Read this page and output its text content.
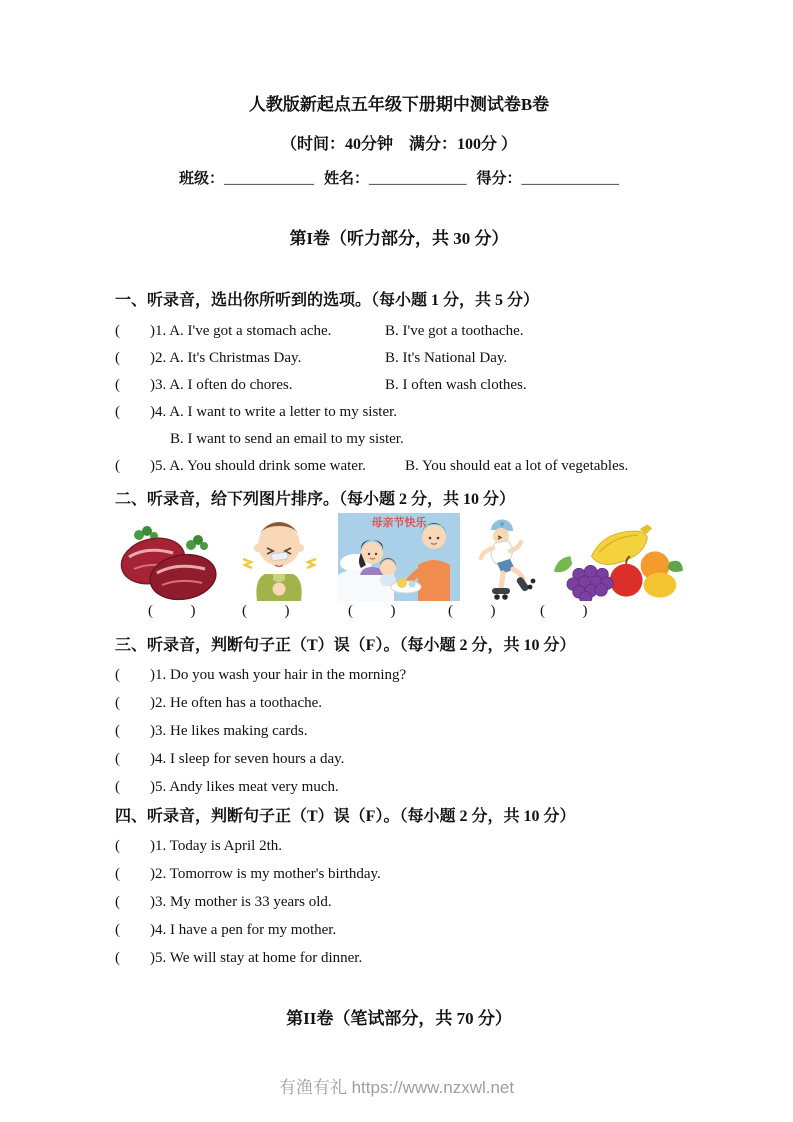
人教版新起点五年级下册期中测试卷B卷
（时间：40分钟　满分：100分 ）
班级：____________ 姓名：_____________ 得分：_____________
第I卷（听力部分，共 30 分）
一、听录音，选出你所听到的选项。（每小题 1 分，共 5 分）
(        )1. A. I've got a stomach ache.	B. I've got a toothache.
(        )2. A. It's Christmas Day.	B. It's National Day.
(        )3. A. I often do chores.	B. I often wash clothes.
(        )4. A. I want to write a letter to my sister.
B. I want to send an email to my sister.
(        )5. A. You should drink some water.	B. You should eat a lot of vegetables.
二、听录音，给下列图片排序。（每小题 2 分，共 10 分）
母亲节快乐
(          )	(          )	(          )	(          )	(          )
三、听录音，判断句子正（T）误（F）。（每小题 2 分，共 10 分）
(        )1. Do you wash your hair in the morning?
(        )2. He often has a toothache.
(        )3. He likes making cards.
(        )4. I sleep for seven hours a day.
(        )5. Andy likes meat very much.
四、听录音，判断句子正（T）误（F）。（每小题 2 分，共 10 分）
(        )1. Today is April 2th.
(        )2. Tomorrow is my mother's birthday.
(        )3. My mother is 33 years old.
(        )4. I have a pen for my mother.
(        )5. We will stay at home for dinner.
第II卷（笔试部分，共 70 分）
有渔有礼 https://www.nzxwl.net
